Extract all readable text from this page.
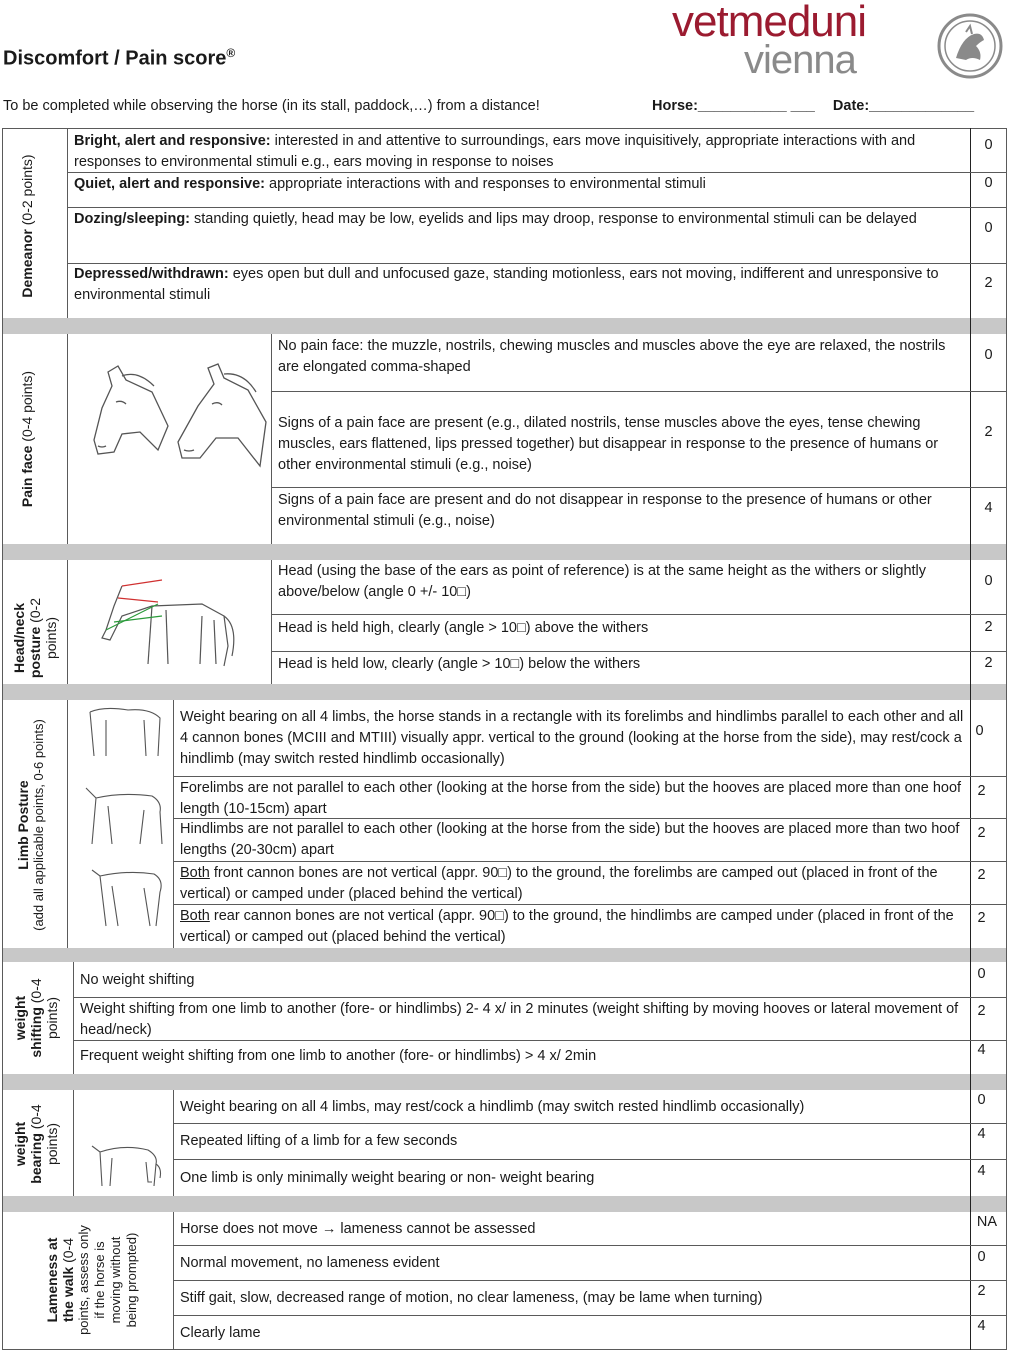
Discomfort / Pain score®
To be completed while observing the horse (in its stall, paddock,…) from a distance!	Horse:___________ ___ Date:_____________
vetmeduni
vienna
Demeanor (0-2 points)
Bright, alert and responsive: interested in and attentive to surroundings, ears move inquisitively, appropriate interactions with and responses to environmental stimuli e.g., ears moving in response to noises
0
Quiet, alert and responsive: appropriate interactions with and responses to environmental stimuli	0
Dozing/sleeping: standing quietly, head may be low, eyelids and lips may droop, response to environmental stimuli can be delayed
0
Depressed/withdrawn: eyes open but dull and unfocused gaze, standing motionless, ears not moving, indifferent and unresponsive to environmental stimuli
2
Pain face (0-4 points)
No pain face: the muzzle, nostrils, chewing muscles and muscles above the eye are relaxed, the nostrils are elongated comma-shaped
0
Signs of a pain face are present (e.g., dilated nostrils, tense muscles above the eyes, tense chewing muscles, ears flattened, lips pressed together) but disappear in response to the presence of humans or other environmental stimuli (e.g., noise)
2
Signs of a pain face are present and do not disappear in response to the presence of humans or other environmental stimuli (e.g., noise)
4
Head/neck posture (0-2
points)
Head (using the base of the ears as point of reference) is at the same height as the withers or slightly above/below (angle 0 +/- 10□)
0
Head is held high, clearly (angle > 10□) above the withers	2
Head is held low, clearly (angle > 10□) below the withers	2
Limb Posture (add all applicable points, 0-6 points)
Weight bearing on all 4 limbs, the horse stands in a rectangle with its forelimbs and hindlimbs parallel to each other and all 4 cannon bones (MCIII and MTIII) visually appr. vertical to the ground (looking at the horse from the side), may rest/cock a hindlimb (may switch rested hindlimb occasionally)
0
Forelimbs are not parallel to each other (looking at the horse from the side) but the hooves are placed more than one hoof length (10-15cm) apart
2
Hindlimbs are not parallel to each other (looking at the horse from the side) but the hooves are placed more than two hoof lengths (20-30cm) apart
2
Both front cannon bones are not vertical (appr. 90□) to the ground, the forelimbs are camped out (placed in front of the vertical) or camped under (placed behind the vertical)
2
Both rear cannon bones are not vertical (appr. 90□) to the ground, the hindlimbs are camped under (placed in front of the vertical) or camped out (placed behind the vertical)
2
weight shifting (0-4
points)
No weight shifting	0
Weight shifting from one limb to another (fore- or hindlimbs) 2- 4 x/ in 2 minutes (weight shifting by moving hooves or lateral movement of head/neck)
2
Frequent weight shifting from one limb to another (fore- or hindlimbs) > 4 x/ 2min	4
weight bearing (0-4
points)
Weight bearing on all 4 limbs, may rest/cock a hindlimb (may switch rested hindlimb occasionally)	0
Repeated lifting of a limb for a few seconds	4
One limb is only minimally weight bearing or non- weight bearing	4
Lameness at the walk (0-4 points, assess only if the horse is moving without being prompted)
Horse does not move → lameness cannot be assessed	NA
Normal movement, no lameness evident	0
Stiff gait, slow, decreased range of motion, no clear lameness, (may be lame when turning)	2
Clearly lame	4
